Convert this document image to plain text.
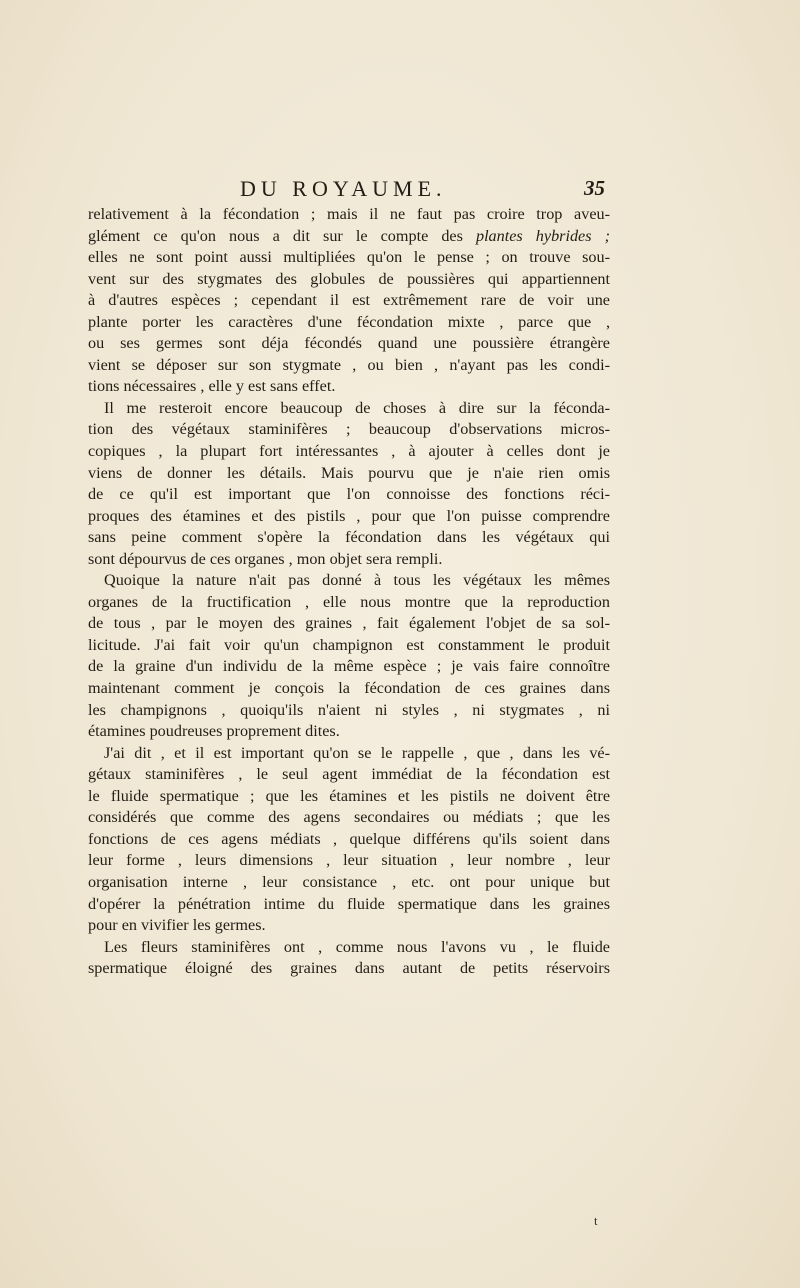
DU ROYAUME.	35
relativement à la fécondation ; mais il ne faut pas croire trop aveu-
glément ce qu'on nous a dit sur le compte des plantes hybrides ;
elles ne sont point aussi multipliées qu'on le pense ; on trouve sou-
vent sur des stygmates des globules de poussières qui appartiennent
à d'autres espèces ; cependant il est extrêmement rare de voir une
plante porter les caractères d'une fécondation mixte , parce que ,
ou ses germes sont déja fécondés quand une poussière étrangère
vient se déposer sur son stygmate , ou bien , n'ayant pas les condi-
tions nécessaires , elle y est sans effet.
Il me resteroit encore beaucoup de choses à dire sur la féconda-
tion des végétaux staminifères ; beaucoup d'observations micros-
copiques , la plupart fort intéressantes , à ajouter à celles dont je
viens de donner les détails. Mais pourvu que je n'aie rien omis
de ce qu'il est important que l'on connoisse des fonctions réci-
proques des étamines et des pistils , pour que l'on puisse comprendre
sans peine comment s'opère la fécondation dans les végétaux qui
sont dépourvus de ces organes , mon objet sera rempli.
Quoique la nature n'ait pas donné à tous les végétaux les mêmes
organes de la fructification , elle nous montre que la reproduction
de tous , par le moyen des graines , fait également l'objet de sa sol-
licitude. J'ai fait voir qu'un champignon est constamment le produit
de la graine d'un individu de la même espèce ; je vais faire connoître
maintenant comment je conçois la fécondation de ces graines dans
les champignons , quoiqu'ils n'aient ni styles , ni stygmates , ni
étamines poudreuses proprement dites.
J'ai dit , et il est important qu'on se le rappelle , que , dans les vé-
gétaux staminifères , le seul agent immédiat de la fécondation est
le fluide spermatique ; que les étamines et les pistils ne doivent être
considérés que comme des agens secondaires ou médiats ; que les
fonctions de ces agens médiats , quelque différens qu'ils soient dans
leur forme , leurs dimensions , leur situation , leur nombre , leur
organisation interne , leur consistance , etc. ont pour unique but
d'opérer la pénétration intime du fluide spermatique dans les graines
pour en vivifier les germes.
Les fleurs staminifères ont , comme nous l'avons vu , le fluide
spermatique éloigné des graines dans autant de petits réservoirs
t
